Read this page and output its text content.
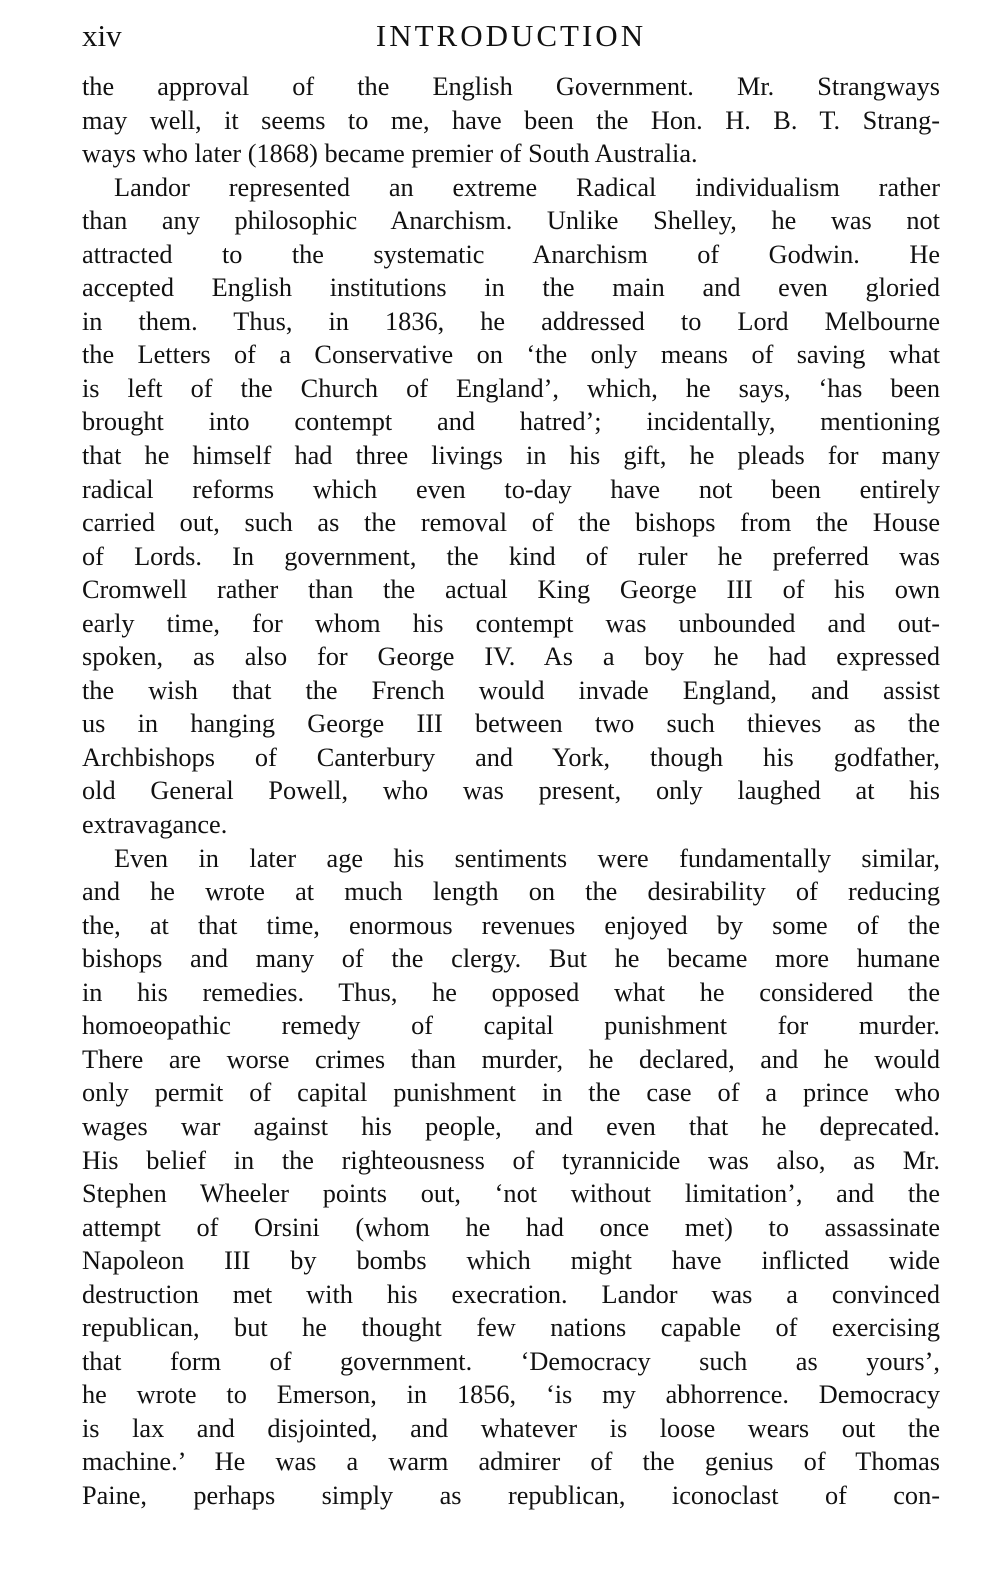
xiv	INTRODUCTION
the approval of the English Government. Mr. Strangways
may well, it seems to me, have been the Hon. H. B. T. Strang-
ways who later (1868) became premier of South Australia.
Landor represented an extreme Radical individualism rather
than any philosophic Anarchism. Unlike Shelley, he was not
attracted to the systematic Anarchism of Godwin. He
accepted English institutions in the main and even gloried
in them. Thus, in 1836, he addressed to Lord Melbourne
the Letters of a Conservative on ‘the only means of saving what
is left of the Church of England’, which, he says, ‘has been
brought into contempt and hatred’; incidentally, mentioning
that he himself had three livings in his gift, he pleads for many
radical reforms which even to-day have not been entirely
carried out, such as the removal of the bishops from the House
of Lords. In government, the kind of ruler he preferred was
Cromwell rather than the actual King George III of his own
early time, for whom his contempt was unbounded and out-
spoken, as also for George IV. As a boy he had expressed
the wish that the French would invade England, and assist
us in hanging George III between two such thieves as the
Archbishops of Canterbury and York, though his godfather,
old General Powell, who was present, only laughed at his
extravagance.
Even in later age his sentiments were fundamentally similar,
and he wrote at much length on the desirability of reducing
the, at that time, enormous revenues enjoyed by some of the
bishops and many of the clergy. But he became more humane
in his remedies. Thus, he opposed what he considered the
homoeopathic remedy of capital punishment for murder.
There are worse crimes than murder, he declared, and he would
only permit of capital punishment in the case of a prince who
wages war against his people, and even that he deprecated.
His belief in the righteousness of tyrannicide was also, as Mr.
Stephen Wheeler points out, ‘not without limitation’, and the
attempt of Orsini (whom he had once met) to assassinate
Napoleon III by bombs which might have inflicted wide
destruction met with his execration. Landor was a convinced
republican, but he thought few nations capable of exercising
that form of government. ‘Democracy such as yours’,
he wrote to Emerson, in 1856, ‘is my abhorrence. Democracy
is lax and disjointed, and whatever is loose wears out the
machine.’ He was a warm admirer of the genius of Thomas
Paine, perhaps simply as republican, iconoclast of con-
